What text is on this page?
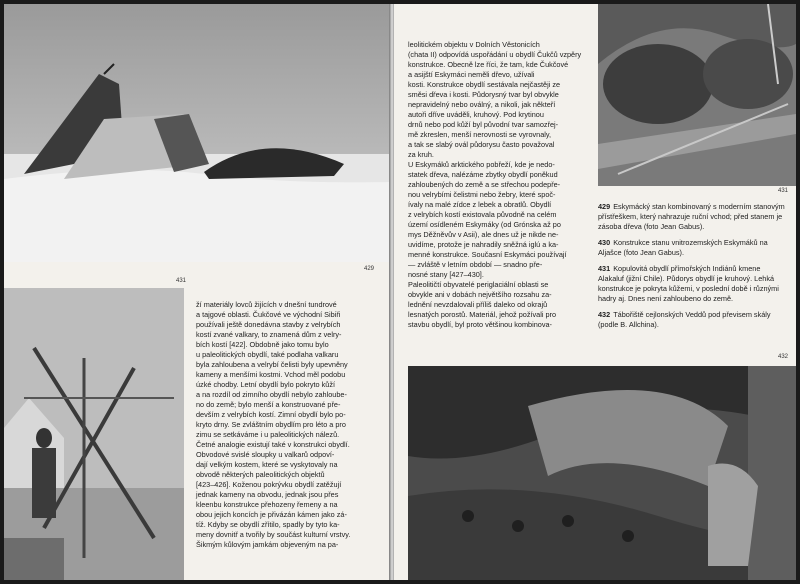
429
431

ží materiály lovců žijících v dnešní tundrové

a tajgové oblasti. Čukčové ve východní Sibiři

používali ještě donedávna stavby z velrybích

kostí zvané valkary, to znamená dům z velry-

bích kostí [422]. Obdobně jako tomu bylo

u paleolitických obydlí, také podlaha valkaru

byla zahloubena a velrybí čelisti byly upevněny

kameny a menšími kostmi. Vchod měl podobu

úzké chodby. Letní obydlí bylo pokryto kůží

a na rozdíl od zimního obydlí nebylo zahloube-

no do země; bylo menší a konstruované pře-

devším z velrybích kostí. Zimní obydlí bylo po-

kryto drny. Se zvláštním obydlím pro léto a pro

zimu se setkáváme i u paleolitických nálezů.

Četné analogie existují také v konstrukci obydlí.

Obvodové svislé sloupky u valkarů odpoví-

dají velkým kostem, které se vyskytovaly na

obvodě některých paleolitických objektů

[423–426]. Koženou pokrývku obydlí zatěžují

jednak kameny na obvodu, jednak jsou přes

kleenbu konstrukce přehozeny řemeny a na

obou jejich koncích je přivázán kámen jako zá-

tíž. Kdyby se obydlí zřítilo, spadly by tyto ka-

meny dovnitř a tvořily by součást kulturní vrstvy.

Šikmým kůlovým jamkám objeveným na pa-

leolitickém objektu v Dolních Věstonicích

(chata II) odpovídá uspořádání u obydlí Čukčů vzpěry

konstrukce. Obecně lze říci, že tam, kde Čukčové

a asijští Eskymáci neměli dřevo, užívali

kosti. Konstrukce obydlí sestávala nejčastěji ze

směsi dřeva i kosti. Půdorysný tvar byl obvykle

nepravidelný nebo oválný, a nikoli, jak někteří

autoři dříve uváděli, kruhový. Pod krytinou

drnů nebo pod kůží byl původní tvar samozřej-

mě zkreslen, menší nerovnosti se vyrovnaly,

a tak se slabý ovál půdorysu často považoval

za kruh.

U Eskymáků arktického pobřeží, kde je nedo-

statek dřeva, nalézáme zbytky obydlí poněkud

zahloubených do země a se střechou podepře-

nou velrybími čelistmi nebo žebry, které spoč-

ívaly na malé zídce z lebek a obratlů. Obydlí

z velrybích kostí existovala původně na celém

území osídleném Eskymáky (od Grónska až po

mys Děžněvův v Asii), ale dnes už je nikde ne-

uvidíme, protože je nahradily sněžná iglú a ka-

menné konstrukce. Současní Eskymáci používají

— zvláště v letním období — snadno pře-

nosné stany [427–430].

Paleolitičtí obyvatelé periglaciální oblasti se

obvykle ani v dobách největšího rozsahu za-

lednění nevzdalovali příliš daleko od okrajů

lesnatých porostů. Materiál, jehož požívali pro

stavbu obydlí, byl proto většinou kombinova-

431
429 Eskymácký stan kombinovaný s moderním stanovým přístřeškem, který nahrazuje ruční vchod; před stanem je zásoba dřeva (foto Jean Gabus).
430 Konstrukce stanu vnitrozemských Eskymáků na Aljašce (foto Jean Gabus).
431 Kopulovitá obydlí přímořských Indiánů kmene Alakaluf (jižní Chile). Půdorys obydlí je kruhový. Lehká konstrukce je pokryta kůžemi, v poslední době i různými hadry aj. Dnes není zahloubeno do země.
432 Tábořiště cejlonských Veddů pod převisem skály (podle B. Allchina).
432
